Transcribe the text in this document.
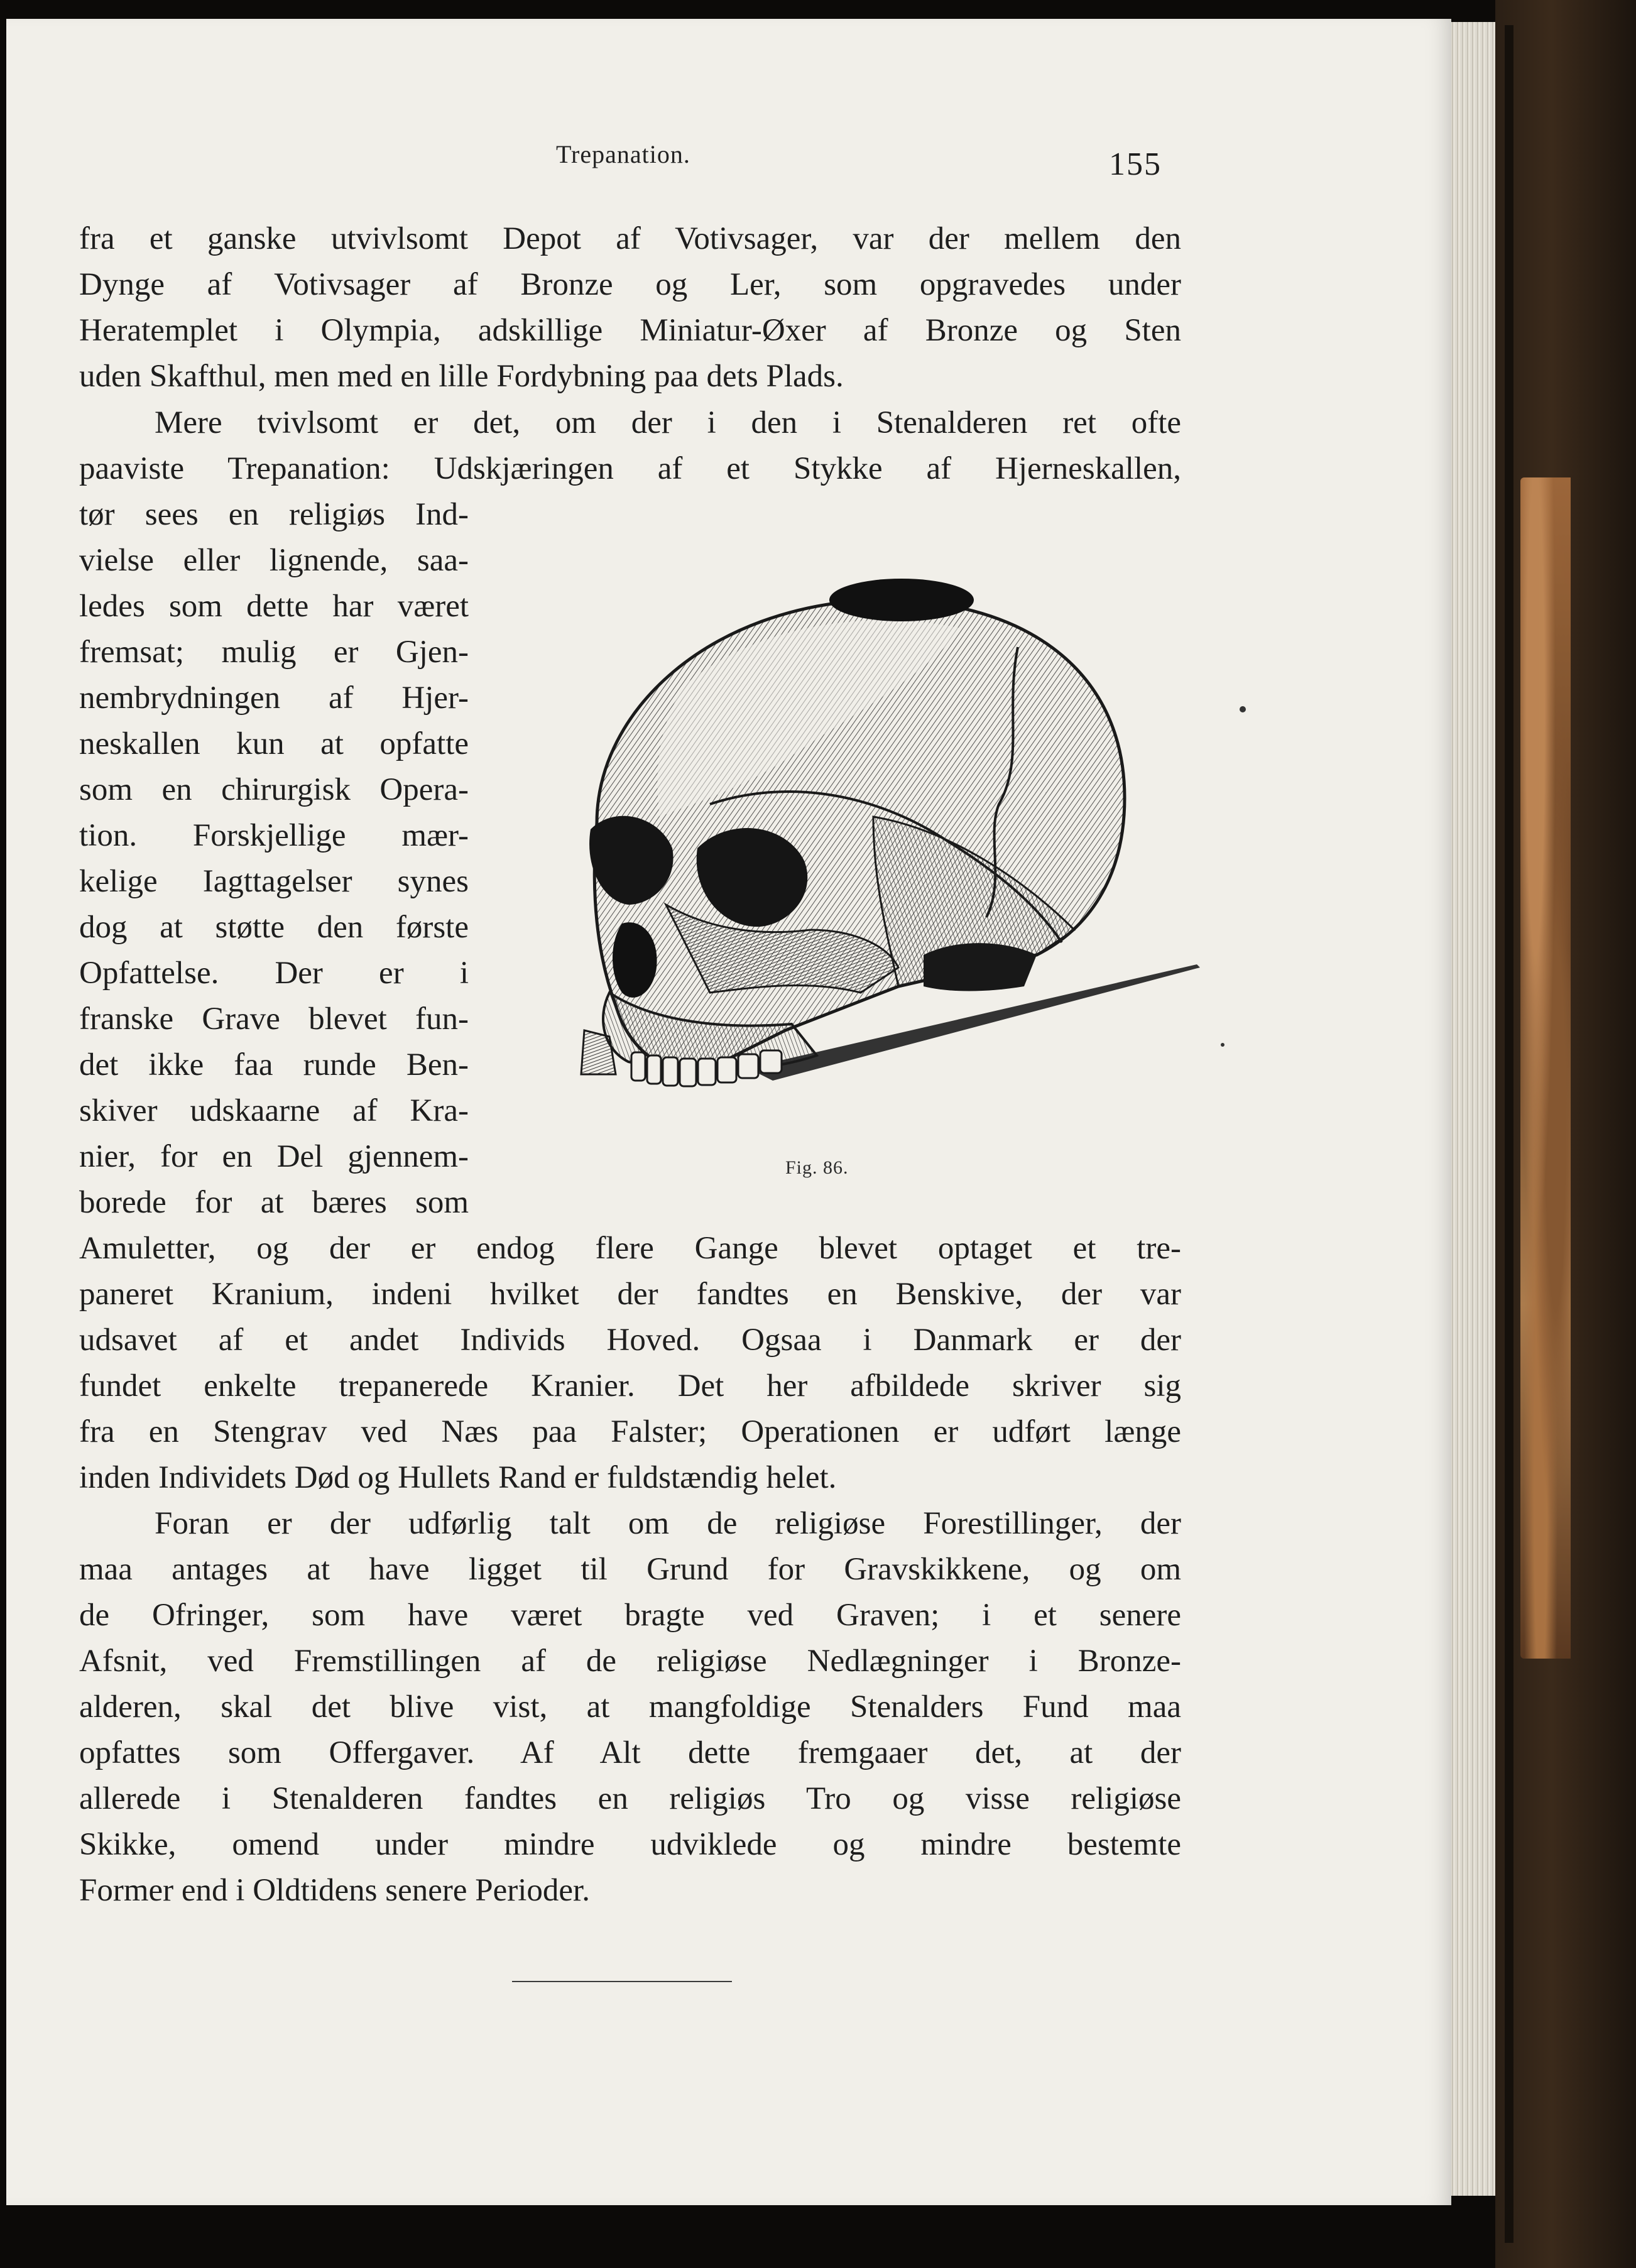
Trepanation.	155
fra et ganske utvivlsomt Depot af Votivsager, var der mellem den
Dynge af Votivsager af Bronze og Ler, som opgravedes under
Heratemplet i Olympia, adskillige Miniatur-Øxer af Bronze og Sten
uden Skafthul, men med en lille Fordybning paa dets Plads.
Mere tvivlsomt er det, om der i den i Stenalderen ret ofte
paaviste Trepanation: Udskjæringen af et Stykke af Hjerneskallen,
tør sees en religiøs Ind-
vielse eller lignende, saa-
ledes som dette har været
fremsat; mulig er Gjen-
nembrydningen af Hjer-
neskallen kun at opfatte
som en chirurgisk Opera-
tion. Forskjellige mær-
kelige Iagttagelser synes
dog at støtte den første
Opfattelse. Der er i
franske Grave blevet fun-
det ikke faa runde Ben-
skiver udskaarne af Kra-
nier, for en Del gjennem-
borede for at bæres som
Amuletter, og der er endog flere Gange blevet optaget et tre-
paneret Kranium, indeni hvilket der fandtes en Benskive, der var
udsavet af et andet Individs Hoved. Ogsaa i Danmark er der
fundet enkelte trepanerede Kranier. Det her afbildede skriver sig
fra en Stengrav ved Næs paa Falster; Operationen er udført længe
inden Individets Død og Hullets Rand er fuldstændig helet.
Foran er der udførlig talt om de religiøse Forestillinger, der
maa antages at have ligget til Grund for Gravskikkene, og om
de Ofringer, som have været bragte ved Graven; i et senere
Afsnit, ved Fremstillingen af de religiøse Nedlægninger i Bronze-
alderen, skal det blive vist, at mangfoldige Stenalders Fund maa
opfattes som Offergaver. Af Alt dette fremgaaer det, at der
allerede i Stenalderen fandtes en religiøs Tro og visse religiøse
Skikke, omend under mindre udviklede og mindre bestemte
Former end i Oldtidens senere Perioder.
Fig. 86.
